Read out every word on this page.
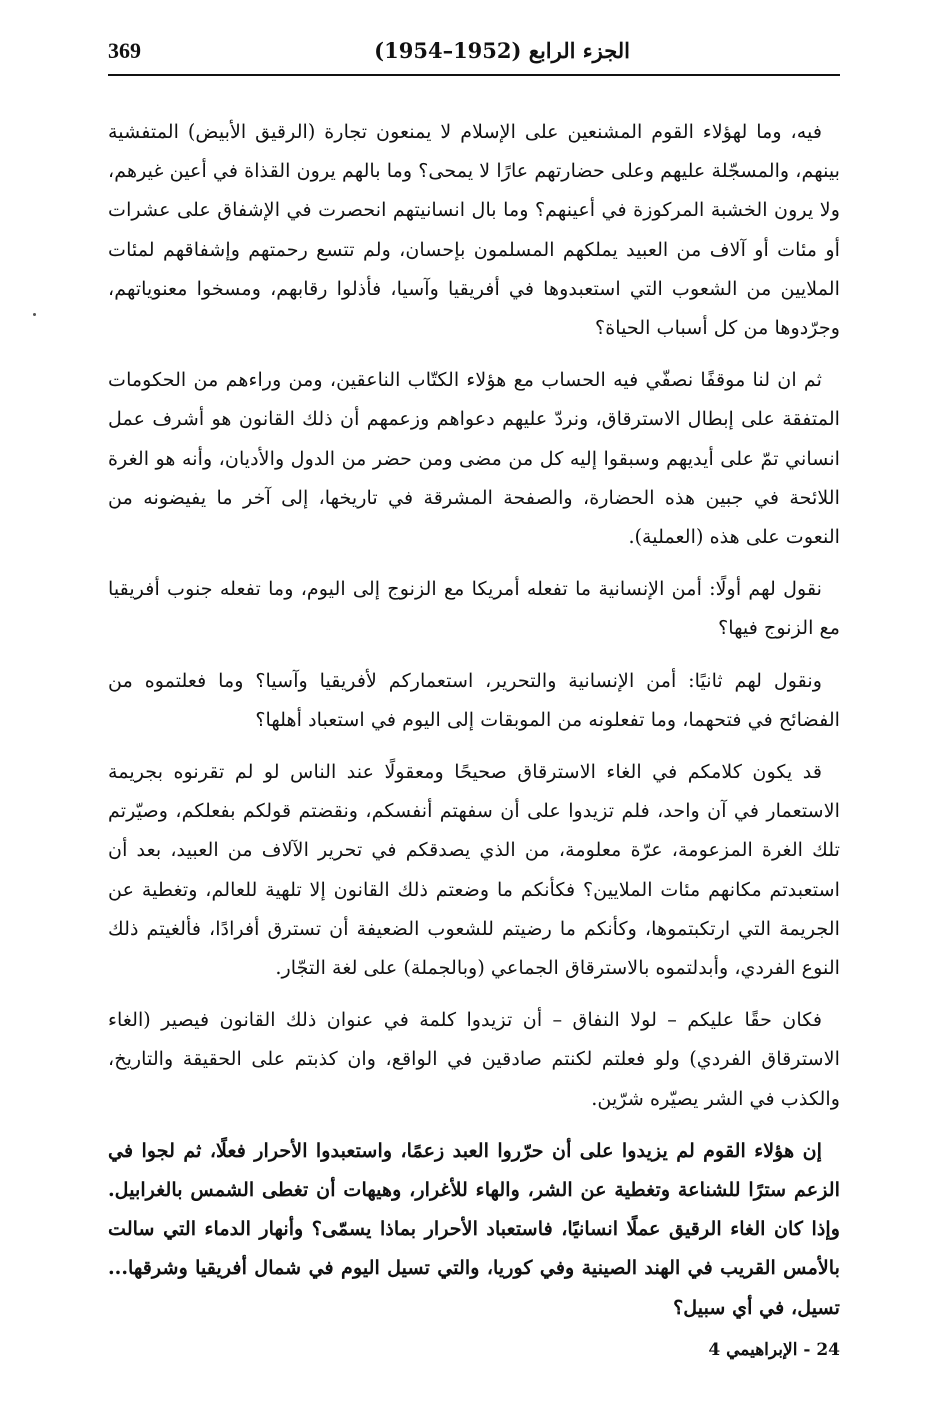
الجزء الرابع (1952–1954)
369

فيه، وما لهؤلاء القوم المشنعين على الإسلام لا يمنعون تجارة (الرقيق الأبيض) المتفشية بينهم، والمسجّلة عليهم وعلى حضارتهم عارًا لا يمحى؟ وما بالهم يرون القذاة في أعين غيرهم، ولا يرون الخشبة المركوزة في أعينهم؟ وما بال انسانيتهم انحصرت في الإشفاق على عشرات أو مئات أو آلاف من العبيد يملكهم المسلمون بإحسان، ولم تتسع رحمتهم وإشفاقهم لمئات الملايين من الشعوب التي استعبدوها في أفريقيا وآسيا، فأذلوا رقابهم، ومسخوا معنوياتهم، وجرّدوها من كل أسباب الحياة؟

ثم ان لنا موقفًا نصفّي فيه الحساب مع هؤلاء الكتّاب الناعقين، ومن وراءهم من الحكومات المتفقة على إبطال الاسترقاق، ونردّ عليهم دعواهم وزعمهم أن ذلك القانون هو أشرف عمل انساني تمّ على أيديهم وسبقوا إليه كل من مضى ومن حضر من الدول والأديان، وأنه هو الغرة اللائحة في جبين هذه الحضارة، والصفحة المشرقة في تاريخها، إلى آخر ما يفيضونه من النعوت على هذه (العملية).

نقول لهم أولًا: أمن الإنسانية ما تفعله أمريكا مع الزنوج إلى اليوم، وما تفعله جنوب أفريقيا مع الزنوج فيها؟

ونقول لهم ثانيًا: أمن الإنسانية والتحرير، استعماركم لأفريقيا وآسيا؟ وما فعلتموه من الفضائح في فتحهما، وما تفعلونه من الموبقات إلى اليوم في استعباد أهلها؟

قد يكون كلامكم في الغاء الاسترقاق صحيحًا ومعقولًا عند الناس لو لم تقرنوه بجريمة الاستعمار في آن واحد، فلم تزيدوا على أن سفهتم أنفسكم، ونقضتم قولكم بفعلكم، وصيّرتم تلك الغرة المزعومة، عرّة معلومة، من الذي يصدقكم في تحرير الآلاف من العبيد، بعد أن استعبدتم مكانهم مئات الملايين؟ فكأنكم ما وضعتم ذلك القانون إلا تلهية للعالم، وتغطية عن الجريمة التي ارتكبتموها، وكأنكم ما رضيتم للشعوب الضعيفة أن تسترق أفرادًا، فألغيتم ذلك النوع الفردي، وأبدلتموه بالاسترقاق الجماعي (وبالجملة) على لغة التجّار.

فكان حقًا عليكم – لولا النفاق – أن تزيدوا كلمة في عنوان ذلك القانون فيصير (الغاء الاسترقاق الفردي) ولو فعلتم لكنتم صادقين في الواقع، وان كذبتم على الحقيقة والتاريخ، والكذب في الشر يصيّره شرّين.

إن هؤلاء القوم لم يزيدوا على أن حرّروا العبد زعمًا، واستعبدوا الأحرار فعلًا، ثم لجوا في الزعم سترًا للشناعة وتغطية عن الشر، والهاء للأغرار، وهيهات أن تغطى الشمس بالغرابيل. وإذا كان الغاء الرقيق عملًا انسانيًا، فاستعباد الأحرار بماذا يسمّى؟ وأنهار الدماء التي سالت بالأمس القريب في الهند الصينية وفي كوريا، والتي تسيل اليوم في شمال أفريقيا وشرقها... تسيل، في أي سبيل؟

24 - الإبراهيمي 4
